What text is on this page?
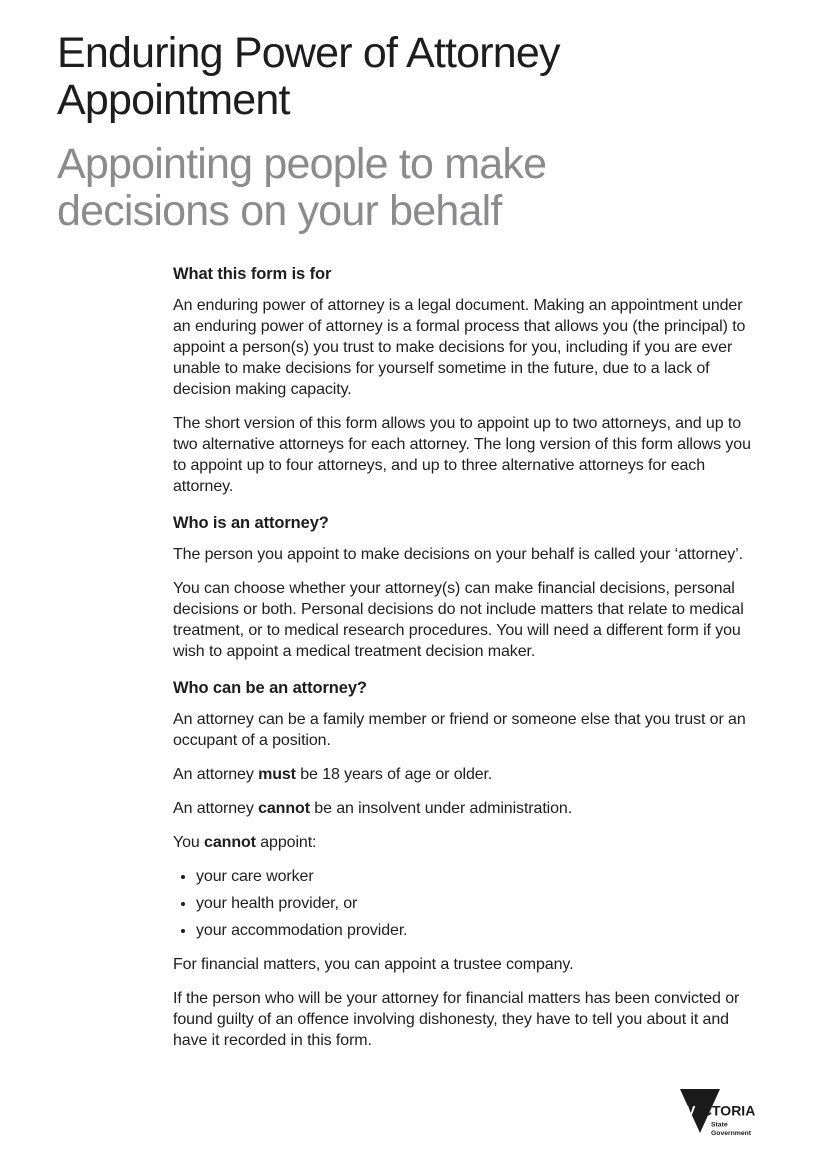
Enduring Power of Attorney
Appointment
Appointing people to make
decisions on your behalf
What this form is for

An enduring power of attorney is a legal document. Making an appointment under an enduring power of attorney is a formal process that allows you (the principal) to appoint a person(s) you trust to make decisions for you, including if you are ever unable to make decisions for yourself sometime in the future, due to a lack of decision making capacity.

The short version of this form allows you to appoint up to two attorneys, and up to two alternative attorneys for each attorney. The long version of this form allows you to appoint up to four attorneys, and up to three alternative attorneys for each attorney.

Who is an attorney?

The person you appoint to make decisions on your behalf is called your ‘attorney’.

You can choose whether your attorney(s) can make financial decisions, personal decisions or both. Personal decisions do not include matters that relate to medical treatment, or to medical research procedures. You will need a different form if you wish to appoint a medical treatment decision maker.

Who can be an attorney?

An attorney can be a family member or friend or someone else that you trust or an occupant of a position.

An attorney must be 18 years of age or older.

An attorney cannot be an insolvent under administration.

You cannot appoint:

• your care worker
• your health provider, or
• your accommodation provider.

For financial matters, you can appoint a trustee company.

If the person who will be your attorney for financial matters has been convicted or found guilty of an offence involving dishonesty, they have to tell you about it and have it recorded in this form.

V ICTORIA
State
Government
